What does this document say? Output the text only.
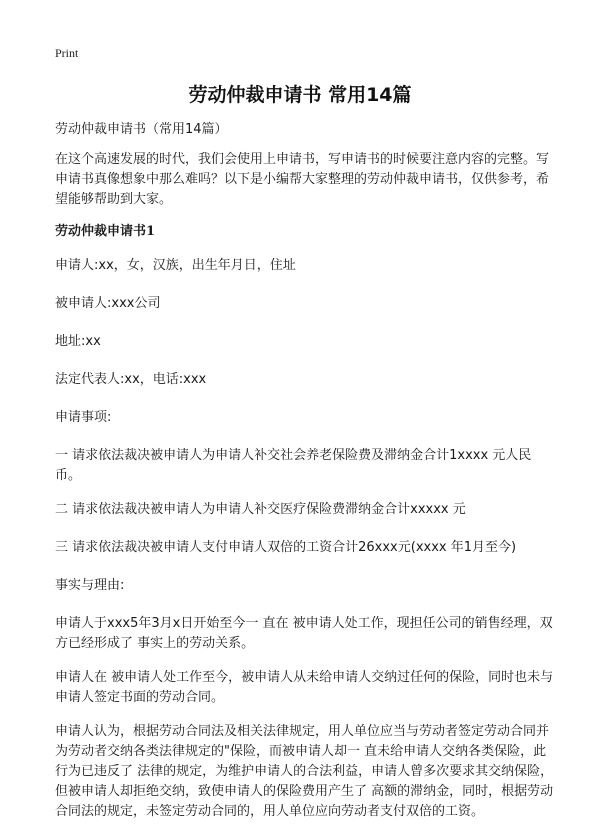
Print
劳动仲裁申请书 常用14篇

劳动仲裁申请书（常用14篇）

在这个高速发展的时代，我们会使用上申请书，写申请书的时候要注意内容的完整。写申请书真像想象中那么难吗？以下是小编帮大家整理的劳动仲裁申请书，仅供参考，希望能够帮助到大家。

劳动仲裁申请书1

申请人:xx，女，汉族，出生年月日，住址

被申请人:xxx公司

地址:xx

法定代表人:xx，电话:xxx

申请事项:

一 请求依法裁决被申请人为申请人补交社会养老保险费及滞纳金合计1xxxx 元人民币。

二 请求依法裁决被申请人为申请人补交医疗保险费滞纳金合计xxxxx 元

三 请求依法裁决被申请人支付申请人双倍的工资合计26xxx元(xxxx 年1月至今)

事实与理由:

申请人于xxx5年3月x日开始至今一 直在 被申请人处工作，现担任公司的销售经理，双方已经形成了 事实上的劳动关系。

申请人在 被申请人处工作至今，被申请人从未给申请人交纳过任何的保险，同时也未与申请人签定书面的劳动合同。

申请人认为，根据劳动合同法及相关法律规定，用人单位应当与劳动者签定劳动合同并为劳动者交纳各类法律规定的"保险，而被申请人却一 直未给申请人交纳各类保险，此行为已违反了 法律的规定，为维护申请人的合法利益，申请人曾多次要求其交纳保险，但被申请人却拒绝交纳，致使申请人的保险费用产生了 高额的滞纳金，同时，根据劳动合同法的规定，未签定劳动合同的，用人单位应向劳动者支付双倍的工资。
